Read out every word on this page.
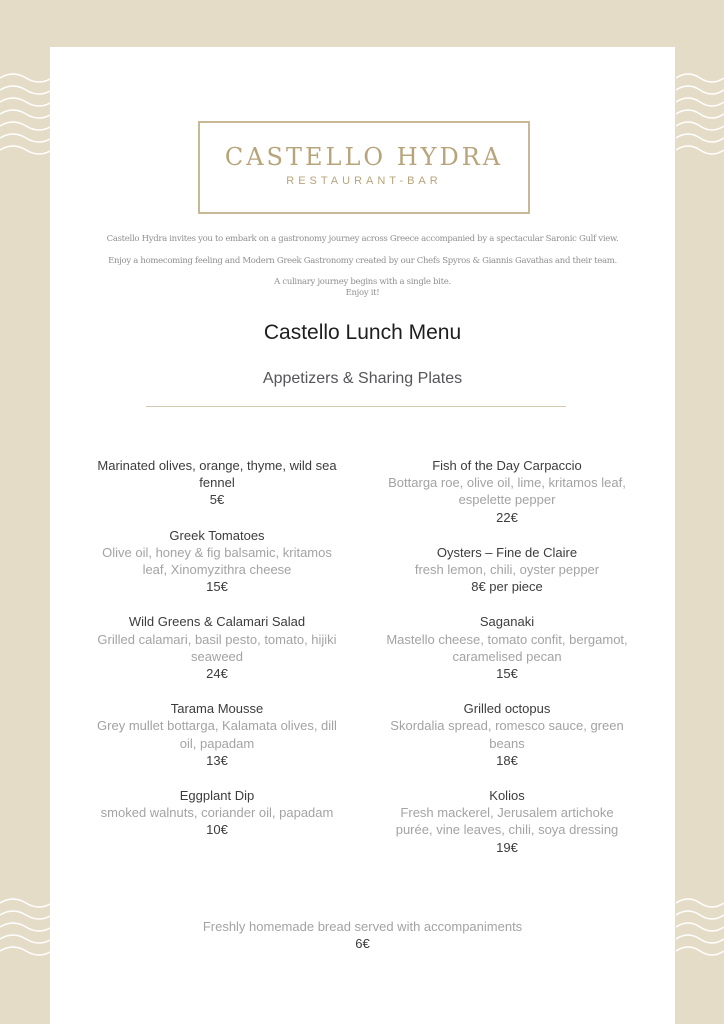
CASTELLO HYDRA
RESTAURANT-BAR

Castello Hydra invites you to embark on a gastronomy journey across Greece accompanied by a spectacular Saronic Gulf view.

Enjoy a homecoming feeling and Modern Greek Gastronomy created by our Chefs Spyros & Giannis Gavathas and their team.

A culinary journey begins with a single bite.

Enjoy it!

Castello Lunch Menu
Appetizers & Sharing Plates
Marinated olives, orange, thyme, wild sea fennel
5€
Greek Tomatoes
Olive oil, honey & fig balsamic, kritamos leaf, Xinomyzithra cheese
15€
Wild Greens & Calamari Salad
Grilled calamari, basil pesto, tomato, hijiki seaweed
24€
Tarama Mousse
Grey mullet bottarga, Kalamata olives, dill oil, papadam
13€
Eggplant Dip
smoked walnuts, coriander oil, papadam
10€
Fish of the Day Carpaccio
Bottarga roe, olive oil, lime, kritamos leaf, espelette pepper
22€
Oysters – Fine de Claire
fresh lemon, chili, oyster pepper
8€ per piece
Saganaki
Mastello cheese, tomato confit, bergamot, caramelised pecan
15€
Grilled octopus
Skordalia spread, romesco sauce, green beans
18€
Kolios
Fresh mackerel, Jerusalem artichoke purée, vine leaves, chili, soya dressing
19€
Freshly homemade bread served with accompaniments
6€
